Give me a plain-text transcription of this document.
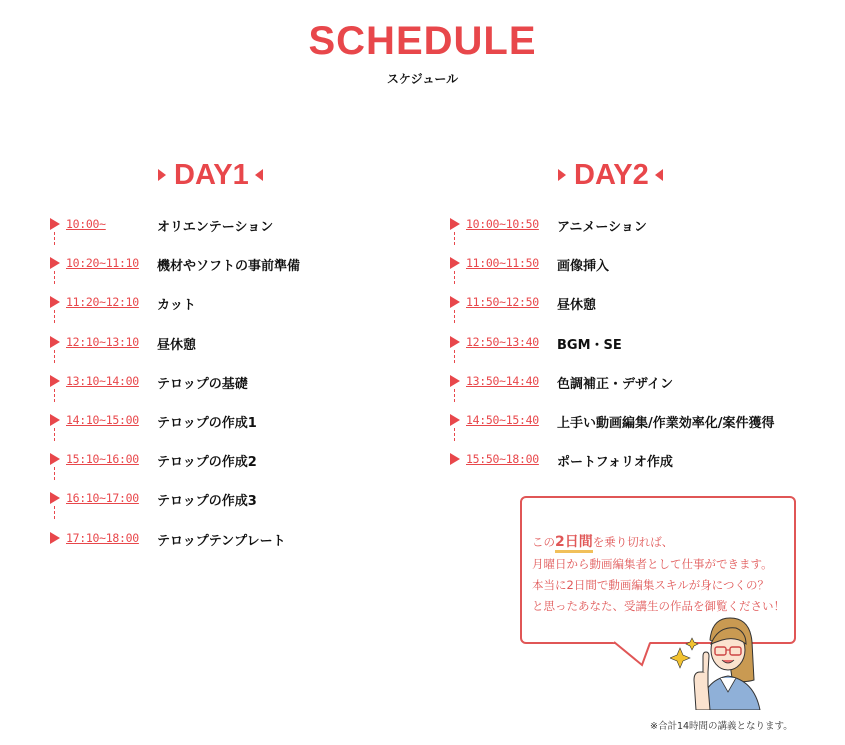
SCHEDULE
スケジュール
DAY1	DAY2
10:00~	オリエンテーション
10:20~11:10 機材やソフトの事前準備
11:20~12:10 カット
12:10~13:10 昼休憩
13:10~14:00 テロップの基礎
14:10~15:00 テロップの作成1
15:10~16:00 テロップの作成2
16:10~17:00 テロップの作成3
17:10~18:00 テロップテンプレート
10:00~10:50 アニメーション
11:00~11:50 画像挿入
11:50~12:50 昼休憩
12:50~13:40 BGM・SE
13:50~14:40 色調補正・デザイン
14:50~15:40 上手い動画編集/作業効率化/案件獲得
15:50~18:00 ポートフォリオ作成
この2日間を乗り切れば、
月曜日から動画編集者として仕事ができます。
本当に2日間で動画編集スキルが身につくの？
と思ったあなた、受講生の作品を御覧ください！
※合計14時間の講義となります。
